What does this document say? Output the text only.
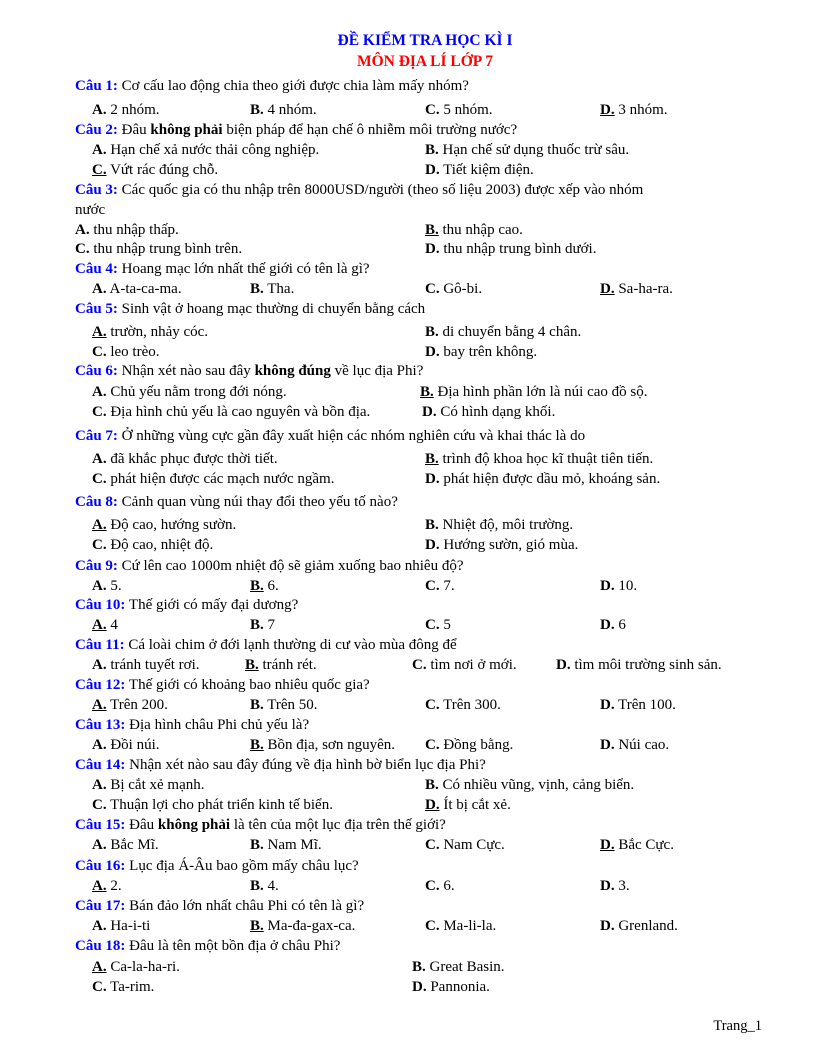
ĐỀ KIỂM TRA HỌC KÌ I
MÔN ĐỊA LÍ LỚP 7
Câu 1: Cơ cấu lao động chia theo giới được chia làm mấy nhóm?
A. 2 nhóm.	B. 4 nhóm.	C. 5 nhóm.	D. 3 nhóm.
Câu 2: Đâu không phải biện pháp để hạn chế ô nhiễm môi trường nước?
A. Hạn chế xả nước thải công nghiệp.	B. Hạn chế sử dụng thuốc trừ sâu.
C. Vứt rác đúng chỗ.	D. Tiết kiệm điện.
Câu 3: Các quốc gia có thu nhập trên 8000USD/người (theo số liệu 2003) được xếp vào nhóm
nước
A. thu nhập thấp.	B. thu nhập cao.
C. thu nhập trung bình trên.	D. thu nhập trung bình dưới.
Câu 4: Hoang mạc lớn nhất thế giới có tên là gì?
A. A-ta-ca-ma.	B. Tha.	C. Gô-bi.	D. Sa-ha-ra.
Câu 5: Sinh vật ở hoang mạc thường di chuyển bằng cách
A. trườn, nhảy cóc.	B. di chuyển bằng 4 chân.
C. leo trèo.	D. bay trên không.
Câu 6: Nhận xét nào sau đây không đúng về lục địa Phi?
A. Chủ yếu nằm trong đới nóng.	B. Địa hình phần lớn là núi cao đồ sộ.
C. Địa hình chủ yếu là cao nguyên và bồn địa.	D. Có hình dạng khối.
Câu 7: Ở những vùng cực gần đây xuất hiện các nhóm nghiên cứu và khai thác là do
A. đã khắc phục được thời tiết.	B. trình độ khoa học kĩ thuật tiên tiến.
C. phát hiện được các mạch nước ngầm.	D. phát hiện được dầu mỏ, khoáng sản.
Câu 8: Cảnh quan vùng núi thay đổi theo yếu tố nào?
A. Độ cao, hướng sườn.	B. Nhiệt độ, môi trường.
C. Độ cao, nhiệt độ.	D. Hướng sườn, gió mùa.
Câu 9: Cứ lên cao 1000m nhiệt độ sẽ giảm xuống bao nhiêu độ?
A. 5.	B. 6.	C. 7.	D. 10.
Câu 10: Thế giới có mấy đại dương?
A. 4	B. 7	C. 5	D. 6
Câu 11: Cá loài chim ở đới lạnh thường di cư vào mùa đông để
A. tránh tuyết rơi.	B. tránh rét.	C. tìm nơi ở mới.	D. tìm môi trường sinh sản.
Câu 12: Thế giới có khoảng bao nhiêu quốc gia?
A. Trên 200.	B. Trên 50.	C. Trên 300.	D. Trên 100.
Câu 13: Địa hình châu Phi chủ yếu là?
A. Đồi núi.	B. Bồn địa, sơn nguyên. C. Đồng bằng.	D. Núi cao.
Câu 14: Nhận xét nào sau đây đúng về địa hình bờ biển lục địa Phi?
A. Bị cắt xẻ mạnh.	B. Có nhiều vũng, vịnh, cảng biển.
C. Thuận lợi cho phát triển kinh tế biển.	D. Ít bị cắt xẻ.
Câu 15: Đâu không phải là tên của một lục địa trên thế giới?
A. Bắc Mĩ.	B. Nam Mĩ.	C. Nam Cực.	D. Bắc Cực.
Câu 16: Lục địa Á-Âu bao gồm mấy châu lục?
A. 2.	B. 4.	C. 6.	D. 3.
Câu 17: Bán đảo lớn nhất châu Phi có tên là gì?
A. Ha-i-ti	B. Ma-đa-gax-ca.	C. Ma-li-la.	D. Grenland.
Câu 18: Đâu là tên một bồn địa ở châu Phi?
A. Ca-la-ha-ri.	B. Great Basin.
C. Ta-rim.	D. Pannonia.
Trang_1
